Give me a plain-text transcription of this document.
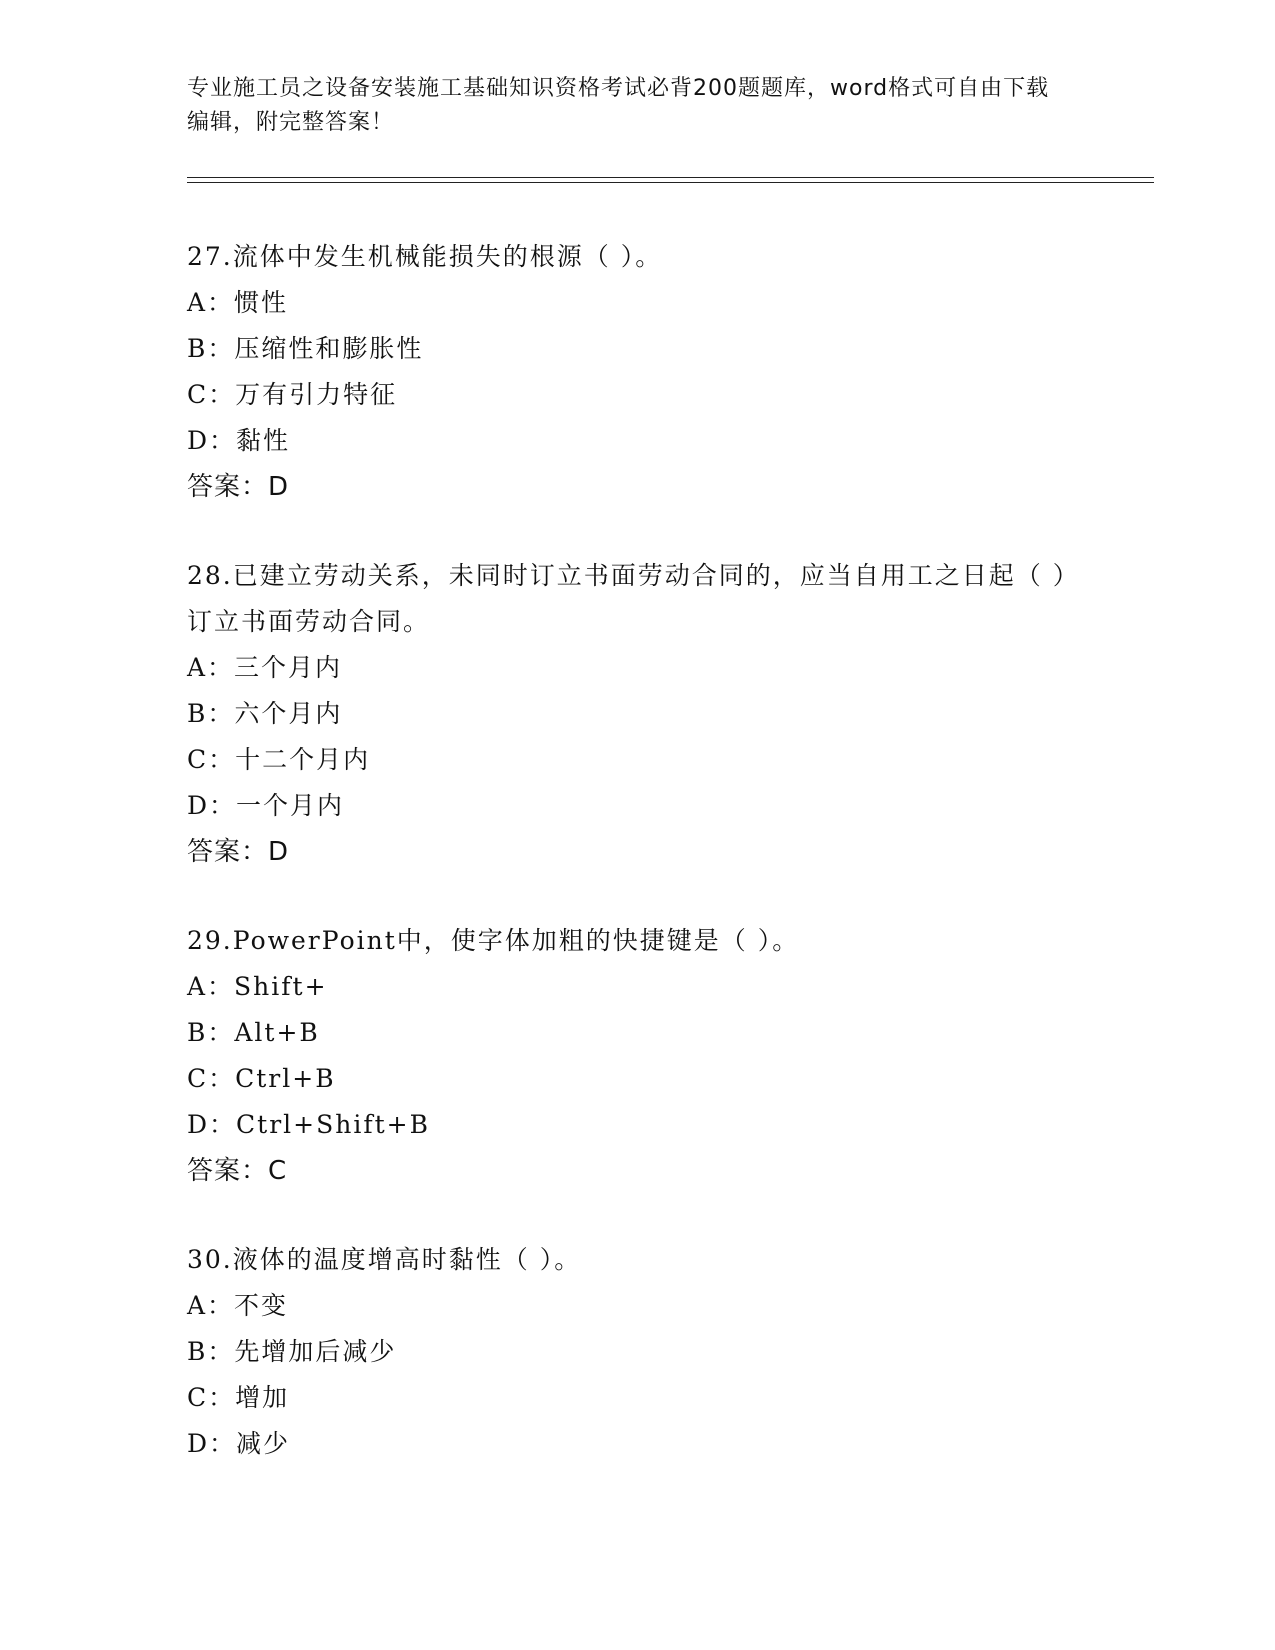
专业施工员之设备安装施工基础知识资格考试必背200题题库，word格式可自由下载编辑，附完整答案！

27.流体中发生机械能损失的根源（ ）。

A：惯性

B：压缩性和膨胀性

C：万有引力特征

D：黏性

答案：D

28.已建立劳动关系，未同时订立书面劳动合同的，应当自用工之日起（ ）订立书面劳动合同。

A：三个月内

B：六个月内

C：十二个月内

D：一个月内

答案：D

29.PowerPoint中，使字体加粗的快捷键是（ ）。

A：Shift+

B：Alt+B

C：Ctrl+B

D：Ctrl+Shift+B

答案：C

30.液体的温度增高时黏性（ ）。

A：不变

B：先增加后减少

C：增加

D：减少
